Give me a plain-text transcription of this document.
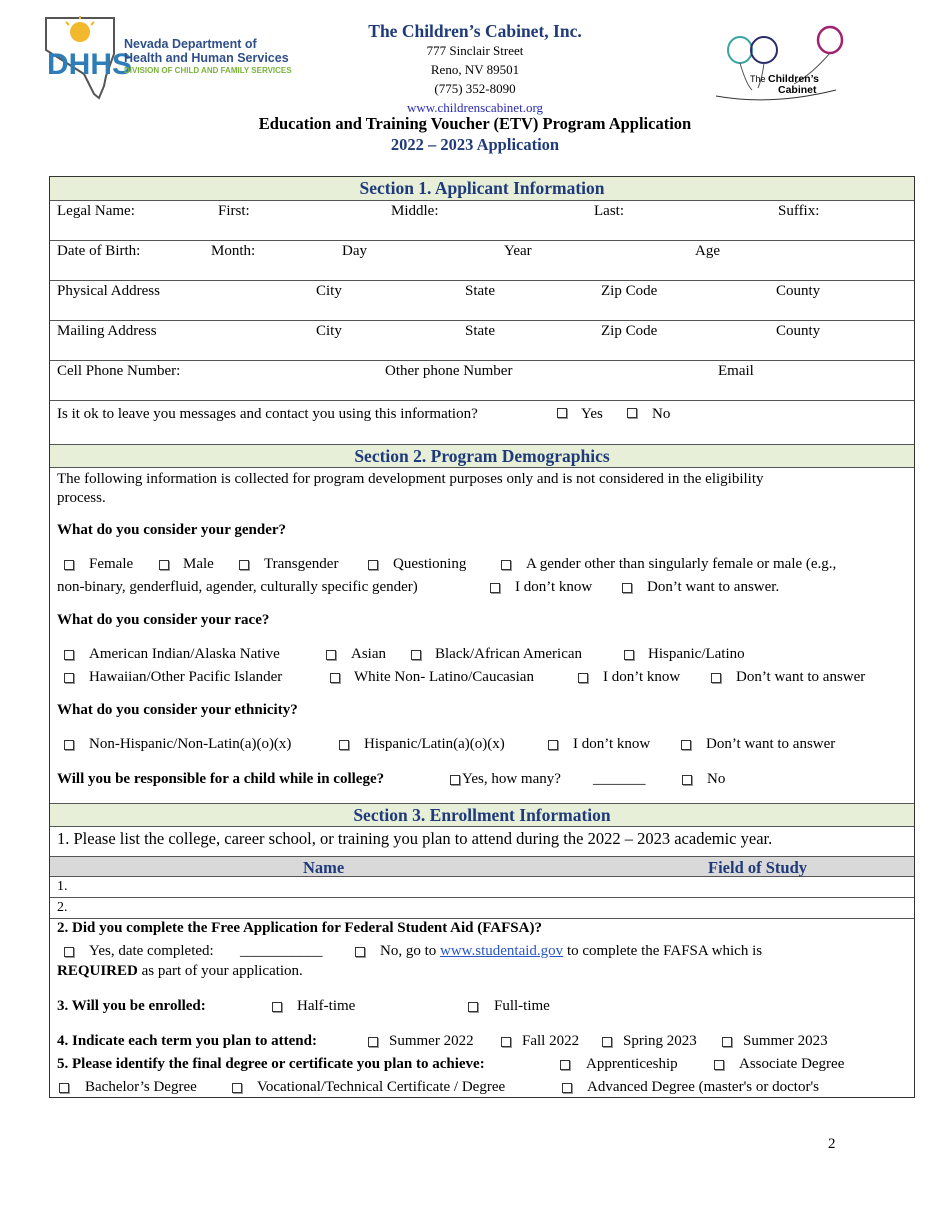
DHHS
Nevada Department of
Health and Human Services
DIVISION OF CHILD AND FAMILY SERVICES
The Children’s Cabinet, Inc.
777 Sinclair Street
Reno, NV 89501
(775) 352-8090
www.childrenscabinet.org
The Children’s
Cabinet
Education and Training Voucher (ETV) Program Application
2022 – 2023 Application
Section 1. Applicant Information
Legal Name:	First:	Middle:	Last:	Suffix:
Date of Birth:	Month:	Day	Year	Age
Physical Address	City	State	Zip Code	County
Mailing Address	City	State	Zip Code	County
Cell Phone Number:	Other phone Number	Email
Is it ok to leave you messages and contact you using this information?	Yes	No
Section 2. Program Demographics
The following information is collected for program development purposes only and is not considered in the eligibility
process.
What do you consider your gender?
Female	Male	Transgender	Questioning	A gender other than singularly female or male (e.g.,
non-binary, genderfluid, agender, culturally specific gender)	I don’t know	Don’t want to answer.
What do you consider your race?
American Indian/Alaska Native	Asian	Black/African American	Hispanic/Latino
Hawaiian/Other Pacific Islander	White Non- Latino/Caucasian	I don’t know	Don’t want to answer
What do you consider your ethnicity?
Non-Hispanic/Non-Latin(a)(o)(x)	Hispanic/Latin(a)(o)(x)	I don’t know	Don’t want to answer
Will you be responsible for a child while in college?	Yes, how many? _______	No
Section 3. Enrollment Information
1. Please list the college, career school, or training you plan to attend during the 2022 – 2023 academic year.
Name	Field of Study
1.
2.
2. Did you complete the Free Application for Federal Student Aid (FAFSA)?
Yes, date completed: ___________	No, go to www.studentaid.gov to complete the FAFSA which is
REQUIRED as part of your application.
3. Will you be enrolled:	Half-time	Full-time
4. Indicate each term you plan to attend:	Summer 2022	Fall 2022	Spring 2023	Summer 2023
5. Please identify the final degree or certificate you plan to achieve:	Apprenticeship	Associate Degree
Bachelor’s Degree	Vocational/Technical Certificate / Degree	Advanced Degree (master's or doctor's
2
